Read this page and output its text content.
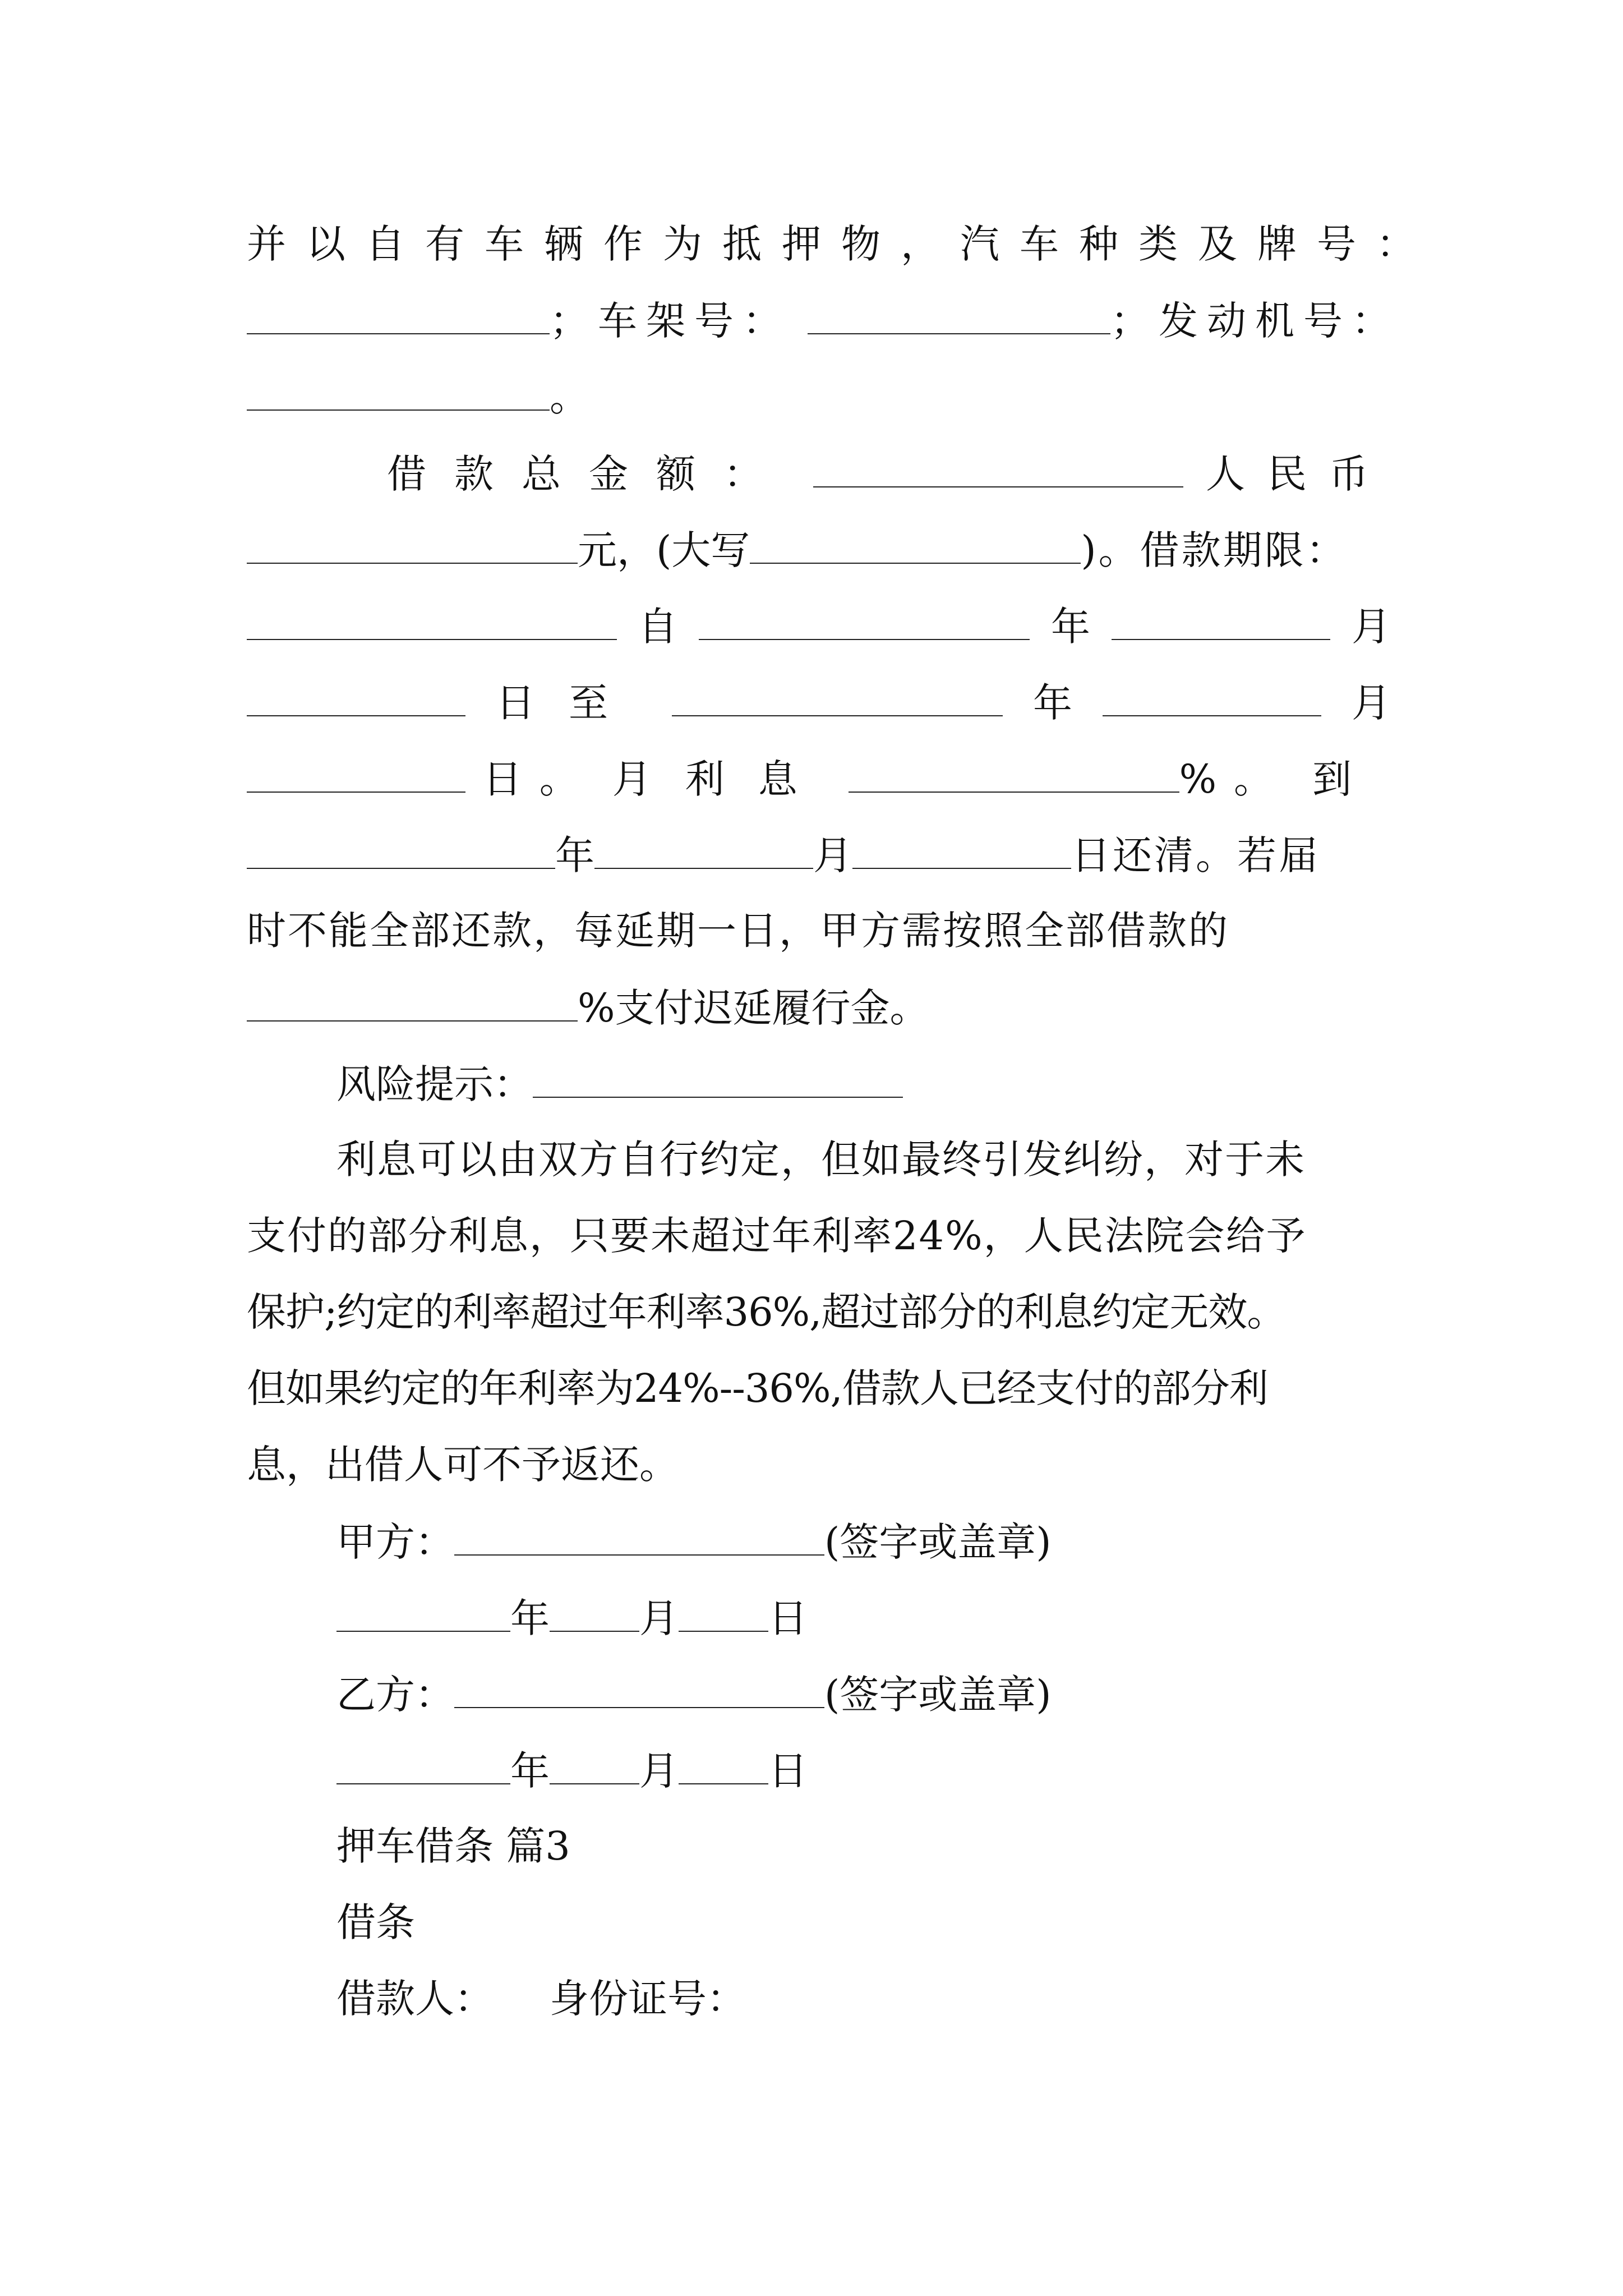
并以自有车辆作为抵押物，汽车种类及牌号：
；车架号：	；发动机号：
。
借款总金额：	人民币
元，(大写	)。借款期限：
自	年	月
日至	年	月
日 。月利息	% 。到
年	月	日还清。若届
时不能全部还款，每延期一日，甲方需按照全部借款的
%支付迟延履行金。
风险提示：
利息可以由双方自行约定，但如最终引发纠纷，对于未
支付的部分利息，只要未超过年利率24%，人民法院会给予
保护;约定的利率超过年利率36%,超过部分的利息约定无效。
但如果约定的年利率为24%--36%,借款人已经支付的部分利
息，出借人可不予返还。
甲方：	(签字或盖章)
年 月 日
乙方：	(签字或盖章)
年 月 日
押车借条 篇3
借条
借款人： 身份证号：
